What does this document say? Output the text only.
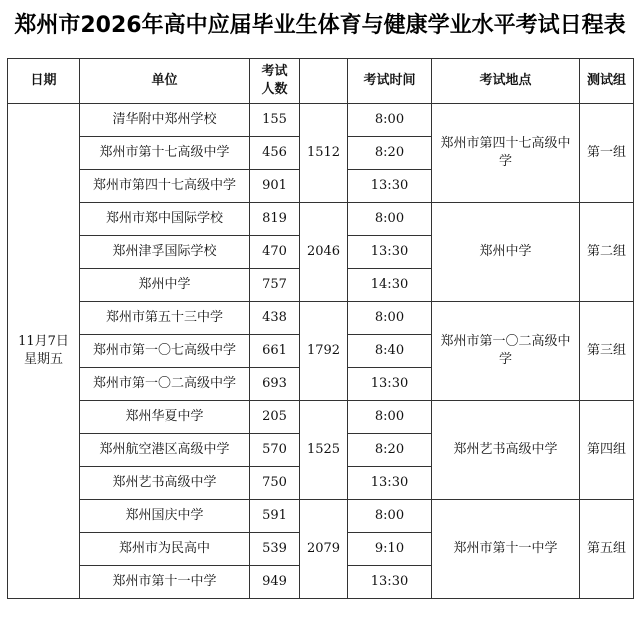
郑州市2026年高中应届毕业生体育与健康学业水平考试日程表
日期	单位	考试人数		考试时间	考试地点	测试组

11月7日
星期五	清华附中郑州学校	155	1512	8:00	郑州市第四十七高级中学	第一组
	郑州市第十七高级中学	456		8:20		
	郑州市第四十七高级中学	901		13:30		
	郑州市郑中国际学校	819	2046	8:00	郑州中学	第二组
	郑州津孚国际学校	470		13:30		
	郑州中学	757		14:30		
	郑州市第五十三中学	438	1792	8:00	郑州市第一〇二高级中学	第三组
	郑州市第一〇七高级中学	661		8:40		
	郑州市第一〇二高级中学	693		13:30		
	郑州华夏中学	205	1525	8:00	郑州艺书高级中学	第四组
	郑州航空港区高级中学	570		8:20		
	郑州艺书高级中学	750		13:30		
	郑州国庆中学	591	2079	8:00	郑州市第十一中学	第五组
	郑州市为民高中	539		9:10		
	郑州市第十一中学	949		13:30		
